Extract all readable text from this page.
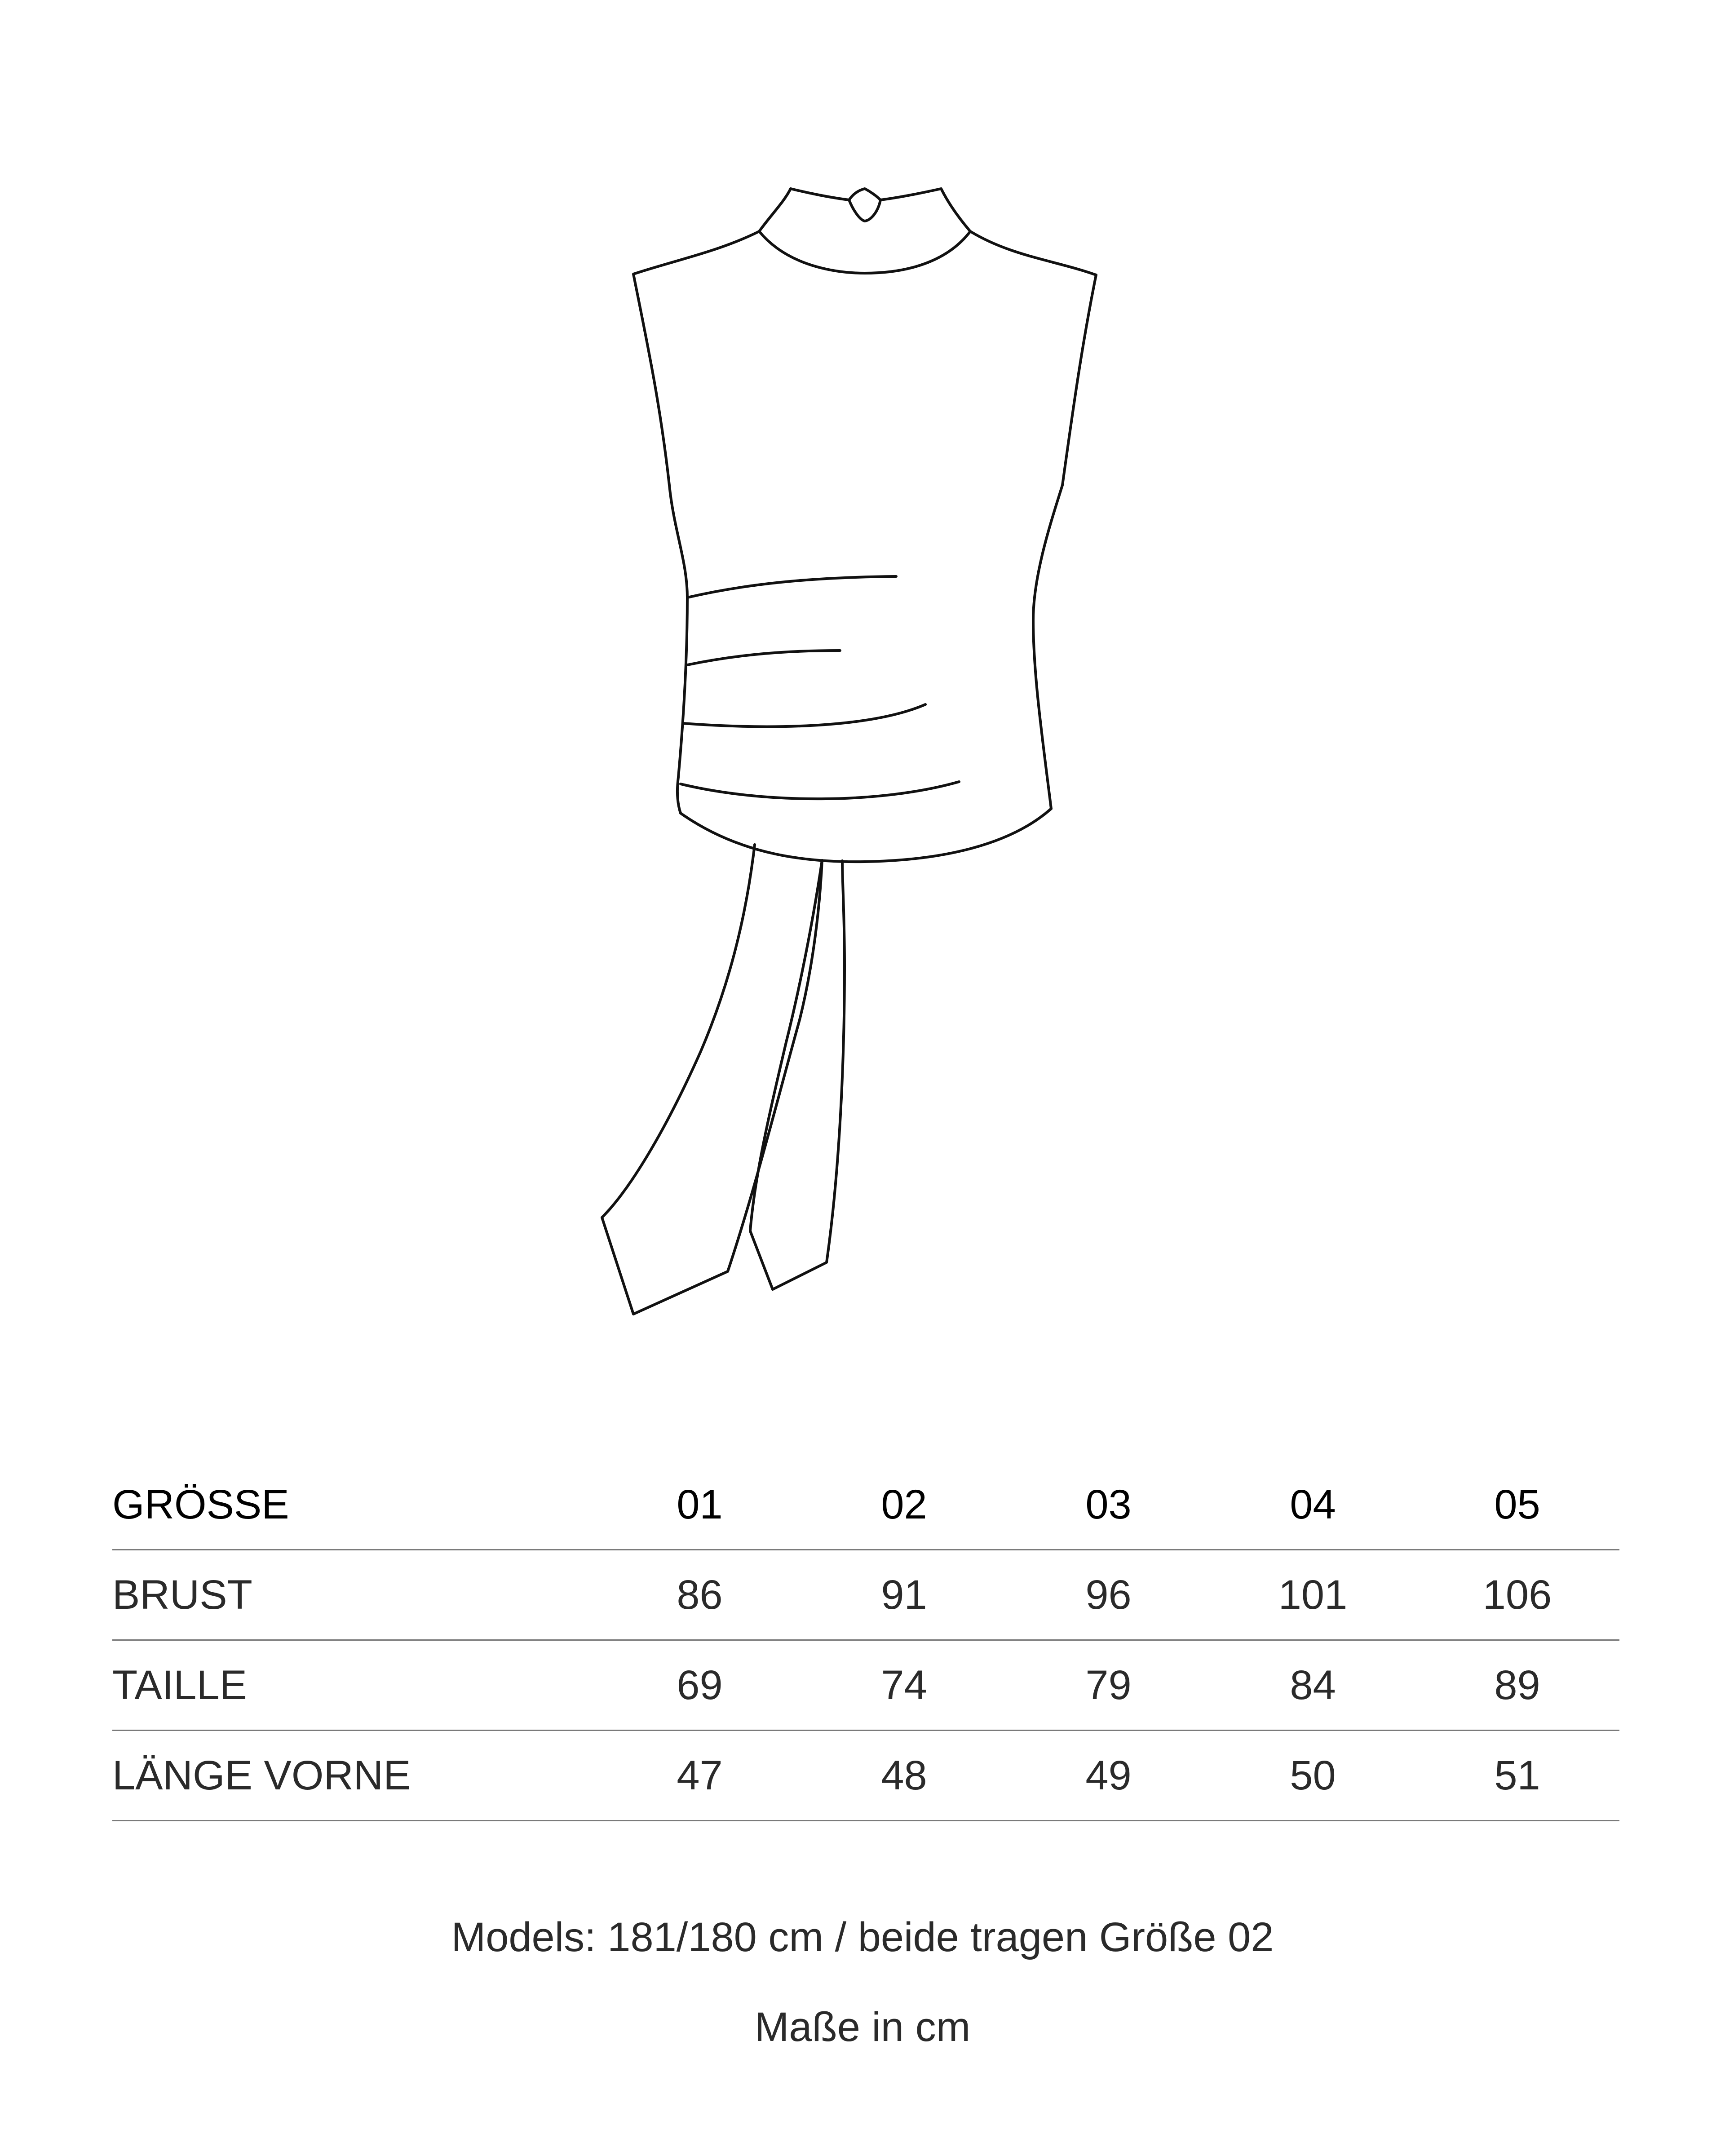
GRÖSSE	01	02	03	04	05
BRUST	86	91	96	101	106
TAILLE	69	74	79	84	89
LÄNGE VORNE	47	48	49	50	51
Models: 181/180 cm / beide tragen Größe 02
Maße in cm
